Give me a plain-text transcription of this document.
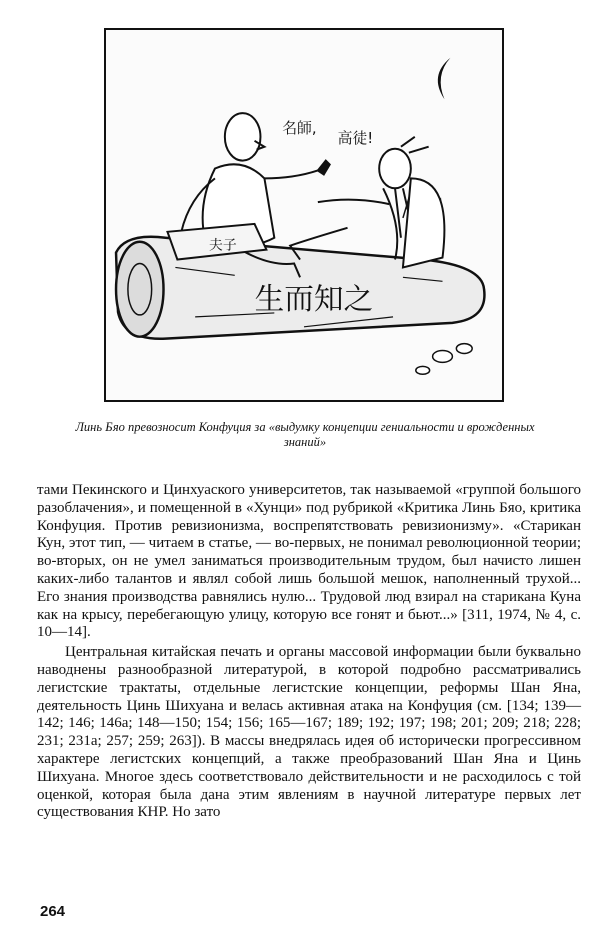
生而知之
夫子
名師,
高徒!
Линь Бяо превозносит Конфуция за «выдумку концепции гениальности и врожденных знаний»

тами Пекинского и Цинхуаского университетов, так называемой «группой большого разоблачения», и помещенной в «Хунци» под рубрикой «Критика Линь Бяо, критика Конфуция. Против ревизионизма, воспрепятствовать ревизионизму». «Старикан Кун, этот тип, — читаем в статье, — во-первых, не понимал революционной теории; во-вторых, он не умел заниматься производительным трудом, был начисто лишен каких-либо талантов и являл собой лишь большой мешок, наполненный трухой... Его знания производства равнялись нулю... Трудовой люд взирал на старикана Куна как на крысу, перебегающую улицу, которую все гонят и бьют...» [311, 1974, № 4, с. 10—14].

Центральная китайская печать и органы массовой информации были буквально наводнены разнообразной литературой, в которой подробно рассматривались легистские трактаты, отдельные легистские концепции, реформы Шан Яна, деятельность Цинь Шихуана и велась активная атака на Конфуция (см. [134; 139—142; 146; 146а; 148—150; 154; 156; 165—167; 189; 192; 197; 198; 201; 209; 218; 228; 231; 231а; 257; 259; 263]). В массы внедрялась идея об исторически прогрессивном характере легистских концепций, а также преобразований Шан Яна и Цинь Шихуана. Многое здесь соответствовало действительности и не расходилось с той оценкой, которая была дана этим явлениям в научной литературе первых лет существования КНР. Но зато

264
